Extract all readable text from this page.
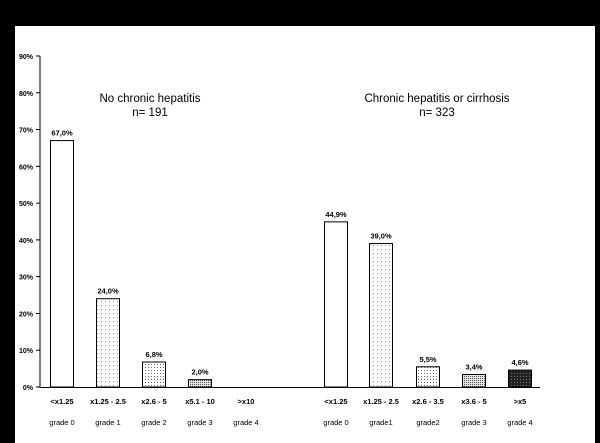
0%
10%
20%
30%
40%
50%
60%
70%
80%
90%
No chronic hepatitis
n= 191
67,0%
<x1.25
grade 0
24,0%
x1.25 - 2.5
grade 1
6,8%
x2.6 - 5
grade 2
2,0%
x5.1 - 10
grade 3
>x10
grade 4
Chronic hepatitis or cirrhosis
n= 323
44,9%
<x1.25
grade 0
39,0%
x1.25 - 2.5
grade1
5,5%
x2.6 - 3.5
grade2
3,4%
x3.6 - 5
grade 3
4,6%
>x5
grade 4
